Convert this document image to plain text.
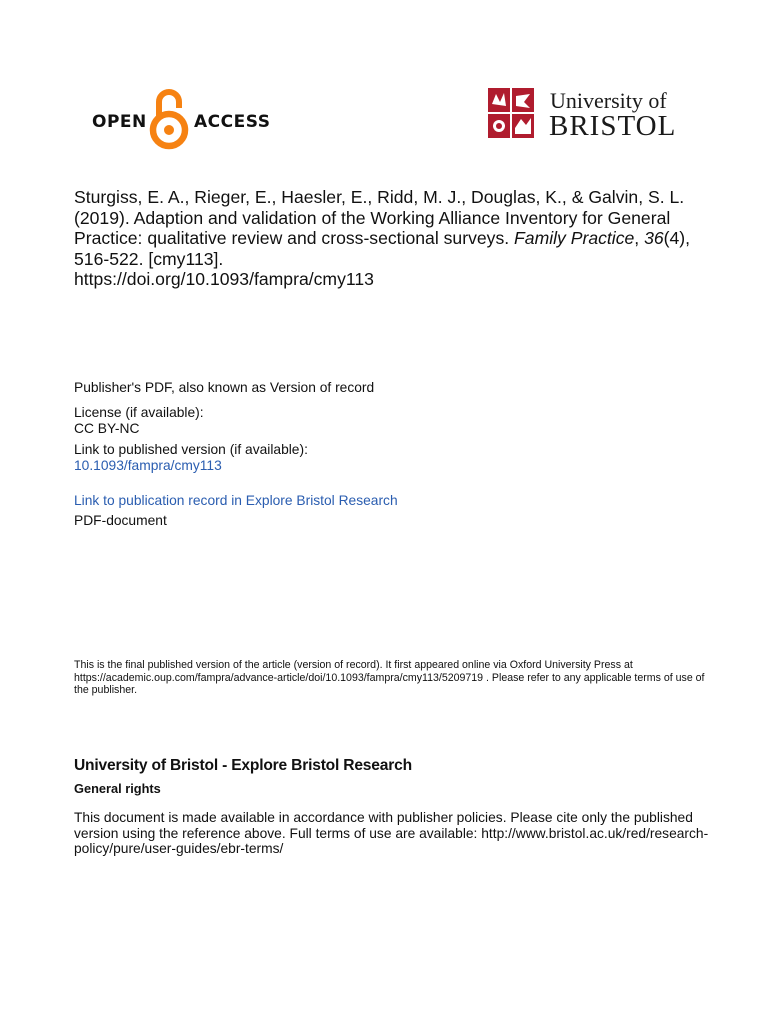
OPEN	ACCESS
University of
BRISTOL
Sturgiss, E. A., Rieger, E., Haesler, E., Ridd, M. J., Douglas, K., & Galvin, S. L. (2019). Adaption and validation of the Working Alliance Inventory for General Practice: qualitative review and cross-sectional surveys. Family Practice, 36(4), 516-522. [cmy113].
https://doi.org/10.1093/fampra/cmy113
Publisher's PDF, also known as Version of record
License (if available):
CC BY-NC
Link to published version (if available):
10.1093/fampra/cmy113
Link to publication record in Explore Bristol Research
PDF-document
This is the final published version of the article (version of record). It first appeared online via Oxford University Press at https://academic.oup.com/fampra/advance-article/doi/10.1093/fampra/cmy113/5209719 . Please refer to any applicable terms of use of the publisher.
University of Bristol - Explore Bristol Research
General rights
This document is made available in accordance with publisher policies. Please cite only the published version using the reference above. Full terms of use are available: http://www.bristol.ac.uk/red/research-policy/pure/user-guides/ebr-terms/
